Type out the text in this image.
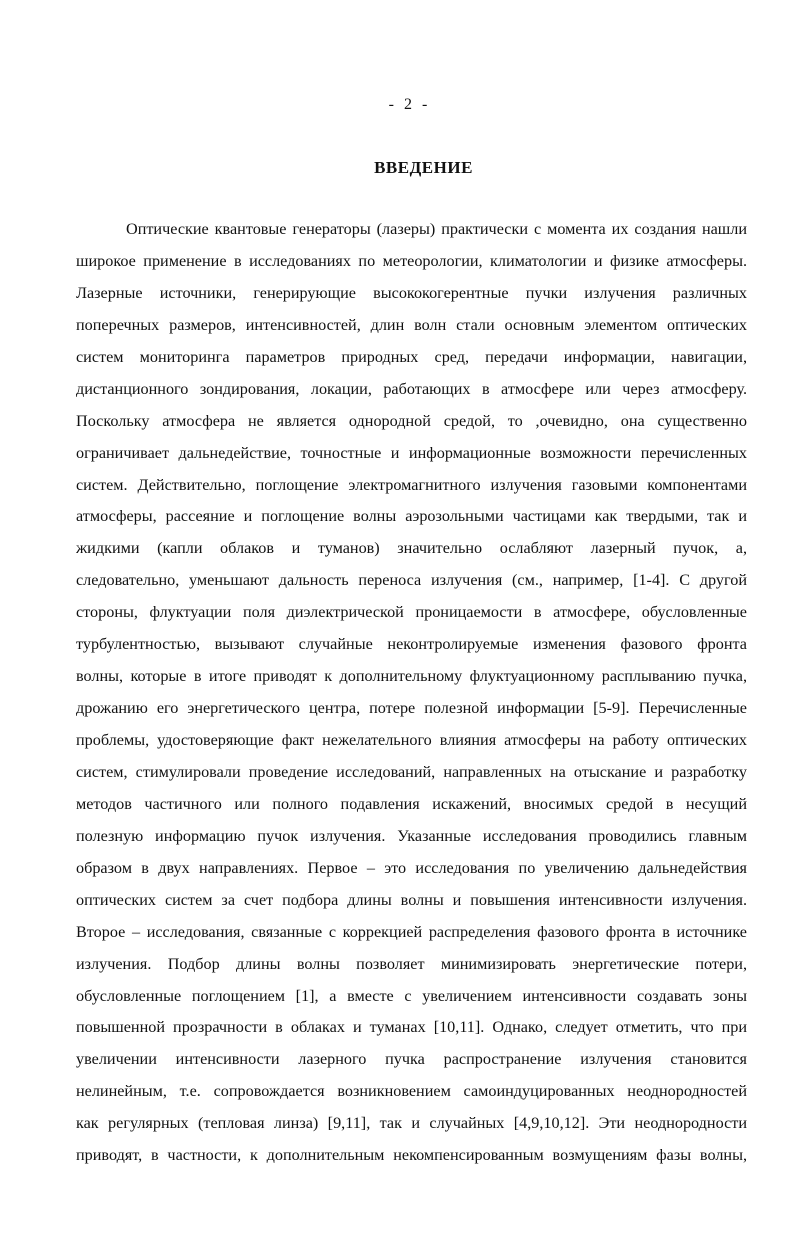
- 2 -
ВВЕДЕНИЕ
Оптические квантовые генераторы (лазеры) практически с момента их создания нашли
широкое применение в исследованиях по метеорологии, климатологии и физике атмосферы.
Лазерные источники, генерирующие высококогерентные пучки излучения различных
поперечных размеров, интенсивностей, длин волн стали основным элементом оптических
систем мониторинга параметров природных сред, передачи информации, навигации,
дистанционного зондирования, локации, работающих в атмосфере или через атмосферу.
Поскольку атмосфера не является однородной средой, то ,очевидно, она существенно
ограничивает дальнедействие, точностные и информационные возможности перечисленных
систем. Действительно, поглощение электромагнитного излучения газовыми компонентами
атмосферы, рассеяние и поглощение волны аэрозольными частицами как твердыми, так и
жидкими (капли облаков и туманов) значительно ослабляют лазерный пучок, а,
следовательно, уменьшают дальность переноса излучения (см., например, [1-4]. С другой
стороны, флуктуации поля диэлектрической проницаемости в атмосфере, обусловленные
турбулентностью, вызывают случайные неконтролируемые изменения фазового фронта
волны, которые в итоге приводят к дополнительному флуктуационному расплыванию пучка,
дрожанию его энергетического центра, потере полезной информации [5-9]. Перечисленные
проблемы, удостоверяющие факт нежелательного влияния атмосферы на работу оптических
систем, стимулировали проведение исследований, направленных на отыскание и разработку
методов частичного или полного подавления искажений, вносимых средой в несущий
полезную информацию пучок излучения. Указанные исследования проводились главным
образом в двух направлениях. Первое – это исследования по увеличению дальнедействия
оптических систем за счет подбора длины волны и повышения интенсивности излучения.
Второе – исследования, связанные с коррекцией распределения фазового фронта в источнике
излучения. Подбор длины волны позволяет минимизировать энергетические потери,
обусловленные поглощением [1], а вместе с увеличением интенсивности создавать зоны
повышенной прозрачности в облаках и туманах [10,11]. Однако, следует отметить, что при
увеличении интенсивности лазерного пучка распространение излучения становится
нелинейным, т.е. сопровождается возникновением самоиндуцированных неоднородностей
как регулярных (тепловая линза) [9,11], так и случайных [4,9,10,12]. Эти неоднородности
приводят, в частности, к дополнительным некомпенсированным возмущениям фазы волны,
